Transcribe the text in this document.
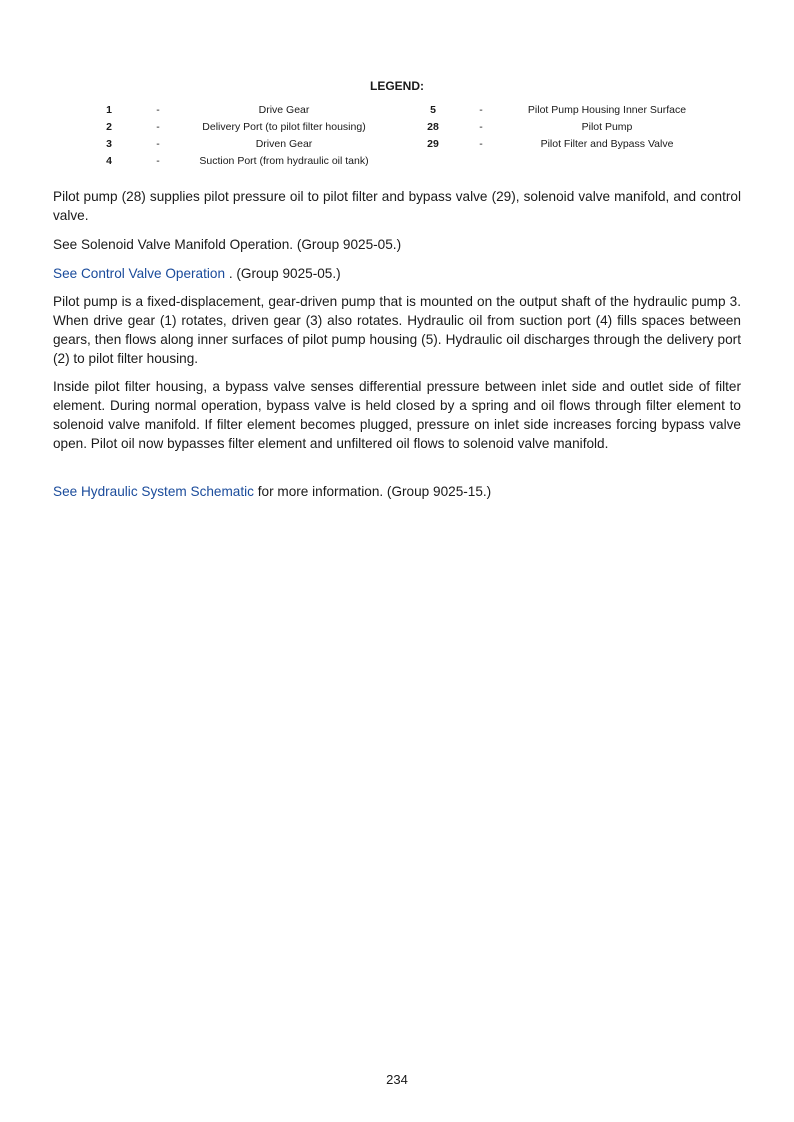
LEGEND:
1	-	Drive Gear	5	-	Pilot Pump Housing Inner Surface
2	-	Delivery Port (to pilot filter housing)	28	-	Pilot Pump
3	-	Driven Gear	29	-	Pilot Filter and Bypass Valve
4	-	Suction Port (from hydraulic oil tank)

Pilot pump (28) supplies pilot pressure oil to pilot filter and bypass valve (29), solenoid valve manifold, and control valve.

See Solenoid Valve Manifold Operation. (Group 9025-05.)

See Control Valve Operation . (Group 9025-05.)

Pilot pump is a fixed-displacement, gear-driven pump that is mounted on the output shaft of the hydraulic pump 3. When drive gear (1) rotates, driven gear (3) also rotates. Hydraulic oil from suction port (4) fills spaces between gears, then flows along inner surfaces of pilot pump housing (5). Hydraulic oil discharges through the delivery port (2) to pilot filter housing.

Inside pilot filter housing, a bypass valve senses differential pressure between inlet side and outlet side of filter element. During normal operation, bypass valve is held closed by a spring and oil flows through filter element to solenoid valve manifold. If filter element becomes plugged, pressure on inlet side increases forcing bypass valve open. Pilot oil now bypasses filter element and unfiltered oil flows to solenoid valve manifold.

See Hydraulic System Schematic for more information. (Group 9025-15.)

234
